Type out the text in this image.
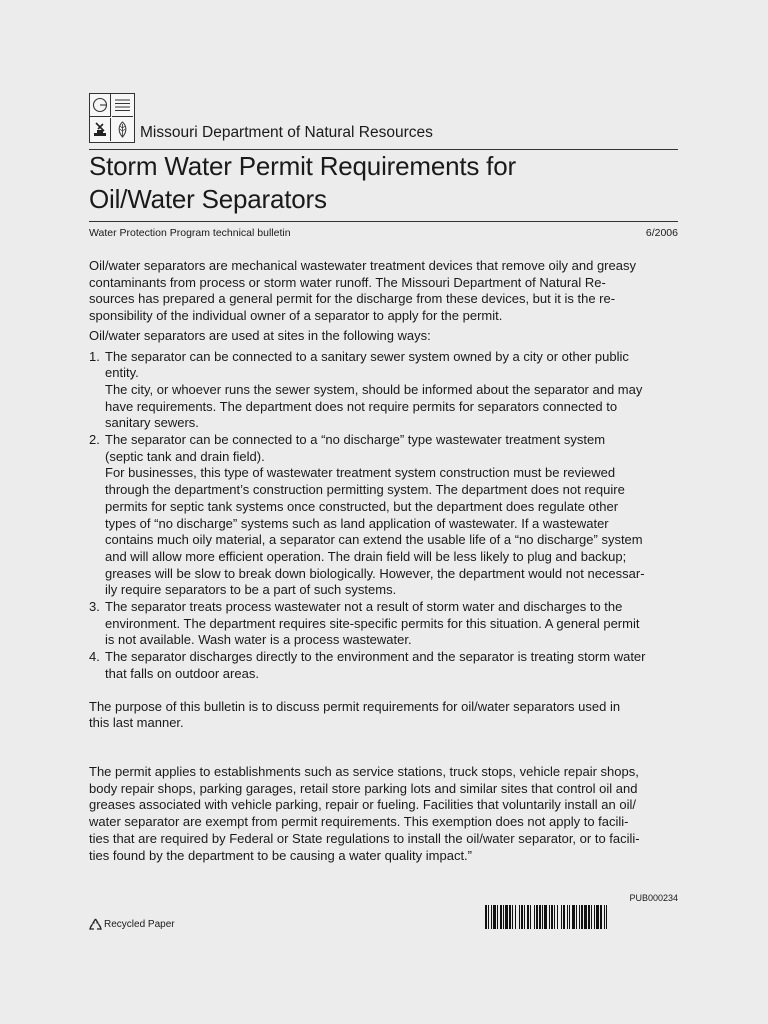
Missouri Department of Natural Resources
Storm Water Permit Requirements for
Oil/Water Separators
Water Protection Program technical bulletin	6/2006

Oil/water separators are mechanical wastewater treatment devices that remove oily and greasy
contaminants from process or storm water runoff. The Missouri Department of Natural Re-
sources has prepared a general permit for the discharge from these devices, but it is the re-
sponsibility of the individual owner of a separator to apply for the permit.

Oil/water separators are used at sites in the following ways:

1. The separator can be connected to a sanitary sewer system owned by a city or other public
entity.
The city, or whoever runs the sewer system, should be informed about the separator and may
have requirements. The department does not require permits for separators connected to
sanitary sewers.
2. The separator can be connected to a “no discharge” type wastewater treatment system
(septic tank and drain field).
For businesses, this type of wastewater treatment system construction must be reviewed
through the department’s construction permitting system. The department does not require
permits for septic tank systems once constructed, but the department does regulate other
types of “no discharge” systems such as land application of wastewater. If a wastewater
contains much oily material, a separator can extend the usable life of a “no discharge” system
and will allow more efficient operation. The drain field will be less likely to plug and backup;
greases will be slow to break down biologically. However, the department would not necessar-
ily require separators to be a part of such systems.
3. The separator treats process wastewater not a result of storm water and discharges to the
environment. The department requires site-specific permits for this situation. A general permit
is not available. Wash water is a process wastewater.
4. The separator discharges directly to the environment and the separator is treating storm water
that falls on outdoor areas.

The purpose of this bulletin is to discuss permit requirements for oil/water separators used in
this last manner.

The permit applies to establishments such as service stations, truck stops, vehicle repair shops,
body repair shops, parking garages, retail store parking lots and similar sites that control oil and
greases associated with vehicle parking, repair or fueling. Facilities that voluntarily install an oil/
water separator are exempt from permit requirements. This exemption does not apply to facili-
ties that are required by Federal or State regulations to install the oil/water separator, or to facili-
ties found by the department to be causing a water quality impact.”

Recycled Paper
PUB000234
